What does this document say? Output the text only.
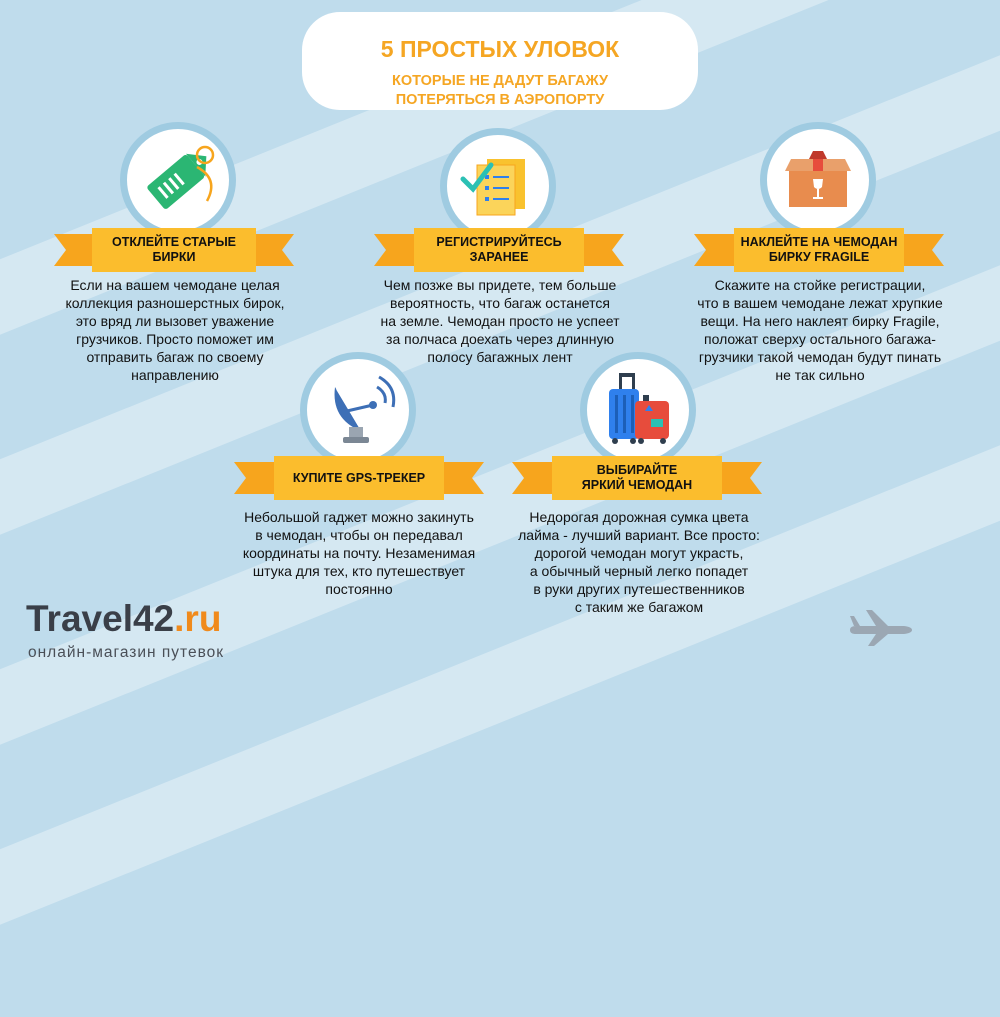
5 ПРОСТЫХ УЛОВОК
КОТОРЫЕ НЕ ДАДУТ БАГАЖУ
ПОТЕРЯТЬСЯ В АЭРОПОРТУ
ОТКЛЕЙТЕ СТАРЫЕ
БИРКИ
Если на вашем чемодане целая
коллекция разношерстных бирок,
это вряд ли вызовет уважение
грузчиков. Просто поможет им
отправить багаж по своему
направлению
РЕГИСТРИРУЙТЕСЬ
ЗАРАНЕЕ
Чем позже вы придете, тем больше
вероятность, что багаж останется
на земле. Чемодан просто не успеет
за полчаса доехать через длинную
полосу багажных лент
НАКЛЕЙТЕ НА ЧЕМОДАН
БИРКУ FRAGILE
Скажите на стойке регистрации,
что в вашем чемодане лежат хрупкие
вещи. На него наклеят бирку Fragile,
положат сверху остального багажа-
грузчики такой чемодан будут пинать
не так сильно
КУПИТЕ GPS-ТРЕКЕР
Небольшой гаджет можно закинуть
в чемодан, чтобы он передавал
координаты на почту. Незаменимая
штука для тех, кто путешествует
постоянно
ВЫБИРАЙТЕ
ЯРКИЙ ЧЕМОДАН
Недорогая дорожная сумка цвета
лайма - лучший вариант. Все просто:
дорогой чемодан могут украсть,
а обычный черный легко попадет
в руки других путешественников
с таким же багажом
Travel42.ru
онлайн-магазин путевок
